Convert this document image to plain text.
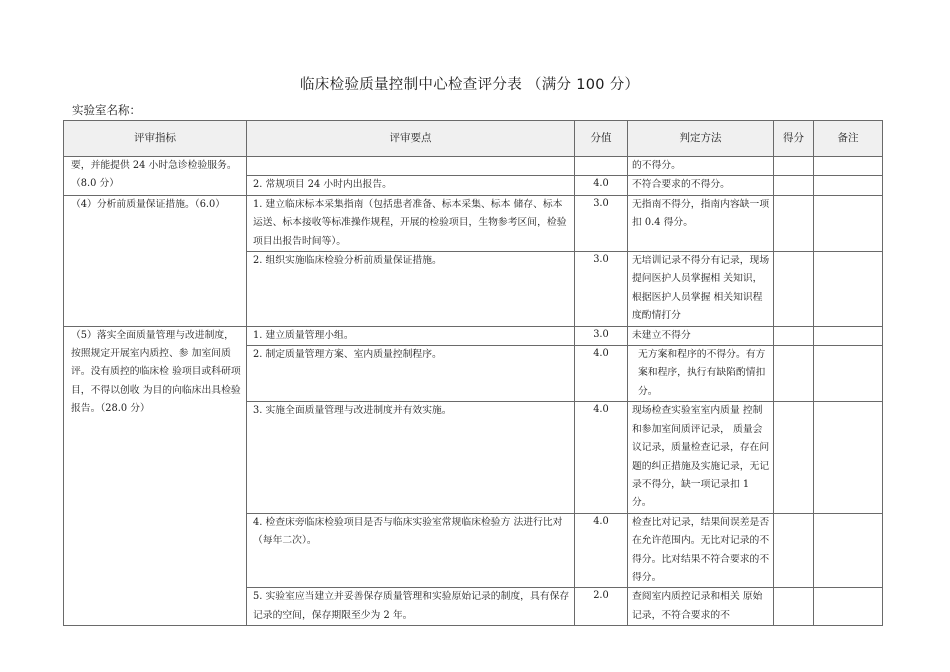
临床检验质量控制中心检查评分表 （满分 100 分）
实验室名称：
评审指标	评审要点	分值	判定方法	得分	备注
要，并能提供 24 小时急诊检验服务。（8.0 分）			的不得分。		
	2. 常规项目 24 小时内出报告。	4.0	不符合要求的不得分。		
（4）分析前质量保证措施。（6.0）	1. 建立临床标本采集指南（包括患者准备、标本采集、标本 储存、标本运送、标本接收等标准操作规程，开展的检验项目，生物参考区间，检验项目出报告时间等）。	3.0	无指南不得分，指南内容缺一项扣 0.4 得分。		
	2. 组织实施临床检验分析前质量保证措施。	3.0	无培训记录不得分有记录，现场提问医护人员掌握相 关知识，根据医护人员掌握 相关知识程度酌情打分		
（5）落实全面质量管理与改进制度，按照规定开展室内质控、参 加室间质评。没有质控的临床检 验项目或科研项目，不得以创收 为目的向临床出具检验报告。（28.0 分）	1. 建立质量管理小组。	3.0	未建立不得分		
	2. 制定质量管理方案、室内质量控制程序。	4.0	无方案和程序的不得分。有方案和程序，执行有缺陷酌情扣分。		
	3. 实施全面质量管理与改进制度并有效实施。	4.0	现场检查实验室室内质量 控制和参加室间质评记录， 质量会议记录，质量检查记录，存在问题的纠正措施及实施记录，无记录不得分，缺一项记录扣 1 分。		
	4. 检查床旁临床检验项目是否与临床实验室常规临床检验方 法进行比对（每年二次）。	4.0	检查比对记录，结果间误差是否在允许范围内。无比对记录的不得分。比对结果不符合要求的不得分。		
	5. 实验室应当建立并妥善保存质量管理和实验原始记录的制度，具有保存记录的空间，保存期限至少为 2 年。	2.0	查阅室内质控记录和相关 原始记录，不符合要求的不		
